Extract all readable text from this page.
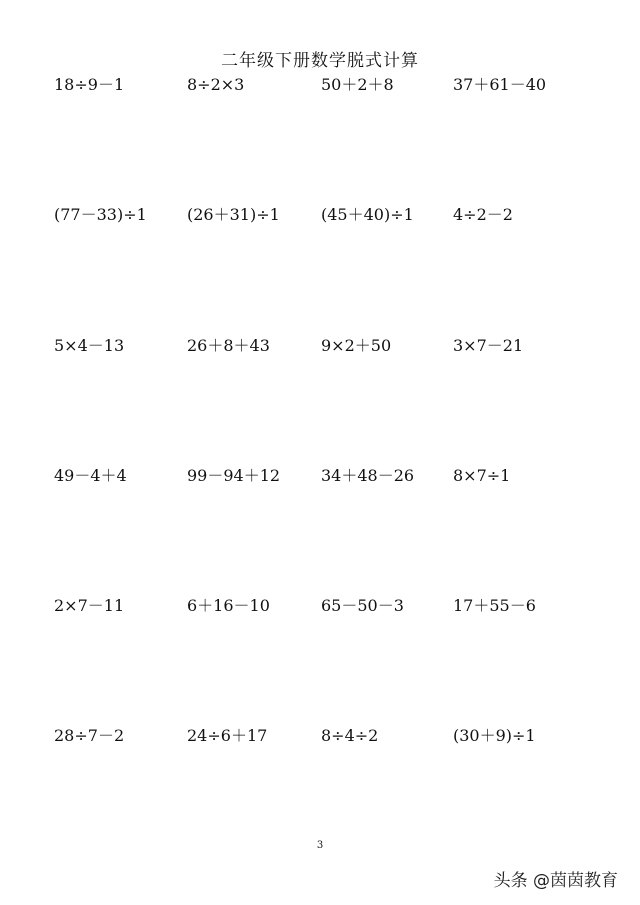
二年级下册数学脱式计算
18÷9－1	8÷2×3	50＋2＋8	37＋61－40
(77－33)÷1	(26＋31)÷1	(45＋40)÷1	4÷2－2
5×4－13	26＋8＋43	9×2＋50	3×7－21
49－4＋4	99－94＋12	34＋48－26	8×7÷1
2×7－11	6＋16－10	65－50－3	17＋55－6
28÷7－2	24÷6＋17	8÷4÷2	(30＋9)÷1
3
头条 @茵茵教育
